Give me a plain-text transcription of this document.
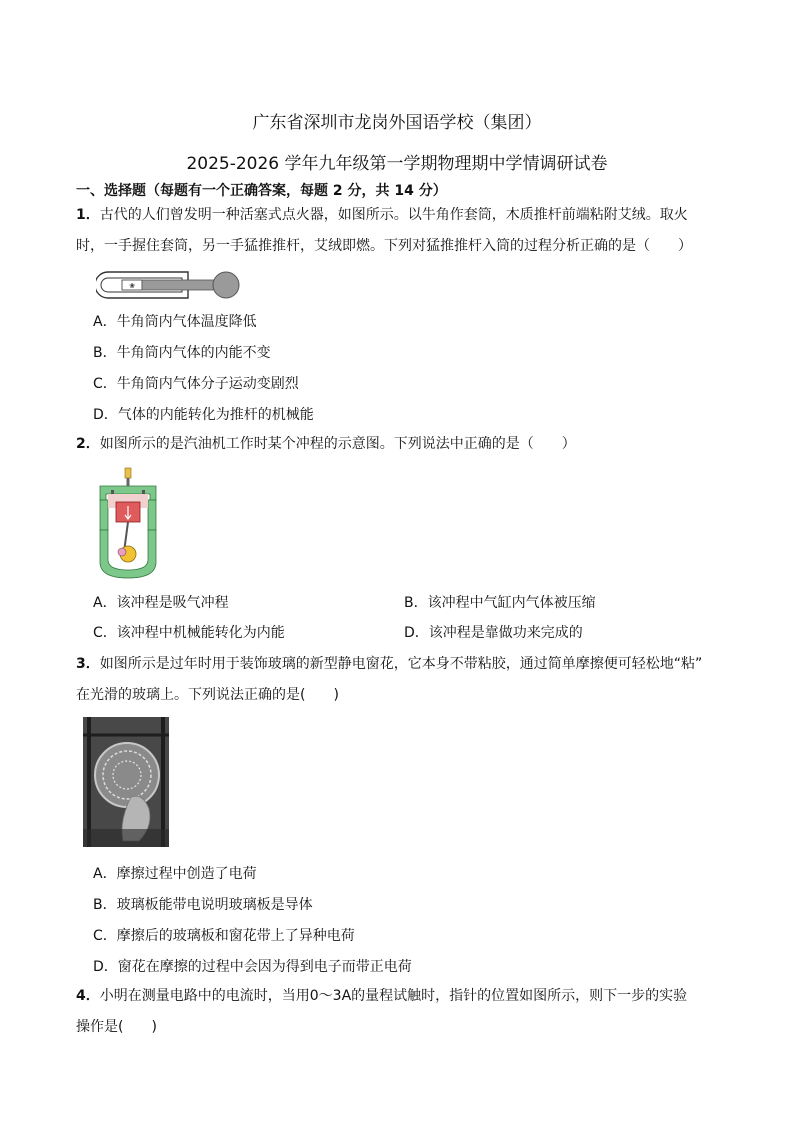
广东省深圳市龙岗外国语学校（集团）
2025-2026 学年九年级第一学期物理期中学情调研试卷
一、选择题（每题有一个正确答案，每题 2 分，共 14 分）
1．古代的人们曾发明一种活塞式点火器，如图所示。以牛角作套筒，木质推杆前端粘附艾绒。取火
时，一手握住套筒，另一手猛推推杆，艾绒即燃。下列对猛推推杆入筒的过程分析正确的是（　　）
❀
A．牛角筒内气体温度降低
B．牛角筒内气体的内能不变
C．牛角筒内气体分子运动变剧烈
D．气体的内能转化为推杆的机械能
2．如图所示的是汽油机工作时某个冲程的示意图。下列说法中正确的是（　　）
A．该冲程是吸气冲程	B．该冲程中气缸内气体被压缩
C．该冲程中机械能转化为内能	D．该冲程是靠做功来完成的
3．如图所示是过年时用于装饰玻璃的新型静电窗花，它本身不带粘胶，通过简单摩擦便可轻松地“粘”
在光滑的玻璃上。下列说法正确的是(　　)
A．摩擦过程中创造了电荷
B．玻璃板能带电说明玻璃板是导体
C．摩擦后的玻璃板和窗花带上了异种电荷
D．窗花在摩擦的过程中会因为得到电子而带正电荷
4．小明在测量电路中的电流时，当用0～3A的量程试触时，指针的位置如图所示，则下一步的实验
操作是(　　)
